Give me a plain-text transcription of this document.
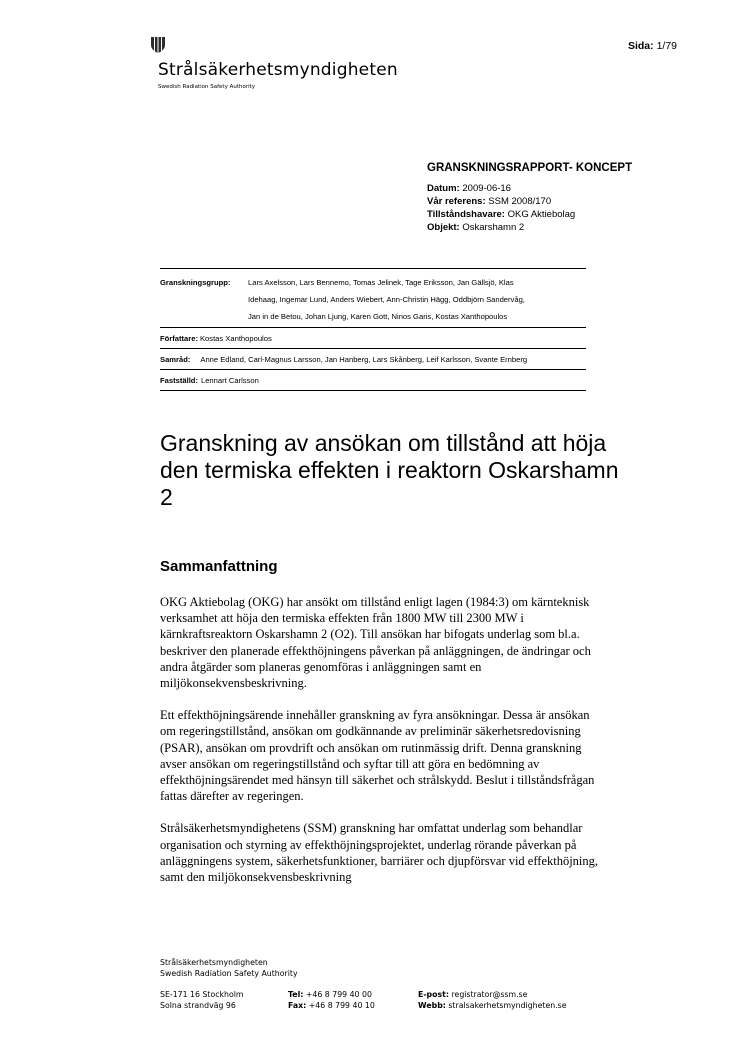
Strålsäkerhetsmyndigheten
Swedish Radiation Safety Authority
Sida: 1/79
GRANSKNINGSRAPPORT- KONCEPT
Datum: 2009-06-16
Vår referens: SSM 2008/170
Tillståndshavare: OKG Aktiebolag
Objekt: Oskarshamn 2
Granskningsgrupp:	Lars Axelsson, Lars Bennemo, Tomas Jelinek, Tage Eriksson, Jan Gällsjö, Klas
Idehaag, Ingemar Lund, Anders Wiebert, Ann-Christin Hägg, Oddbjörn Sandervåg,
Jan in de Betou, Johan Ljung, Karen Gott, Ninos Garis, Kostas Xanthopoulos
Författare: Kostas Xanthopoulos
Samråd: Anne Edland, Carl-Magnus Larsson, Jan Hanberg, Lars Skånberg, Leif Karlsson, Svante Ernberg
Fastställd: Lennart Carlsson
Granskning av ansökan om tillstånd att höja den termiska effekten i reaktorn Oskarshamn 2
Sammanfattning

OKG Aktiebolag (OKG) har ansökt om tillstånd enligt lagen (1984:3) om kärnteknisk verksamhet att höja den termiska effekten från 1800 MW till 2300 MW i kärnkraftsreaktorn Oskarshamn 2 (O2). Till ansökan har bifogats underlag som bl.a. beskriver den planerade effekthöjningens påverkan på anläggningen, de ändringar och andra åtgärder som planeras genomföras i anläggningen samt en miljökonsekvensbeskrivning.

Ett effekthöjningsärende innehåller granskning av fyra ansökningar. Dessa är ansökan om regeringstillstånd, ansökan om godkännande av preliminär säkerhetsredovisning (PSAR), ansökan om provdrift och ansökan om rutinmässig drift. Denna granskning avser ansökan om regeringstillstånd och syftar till att göra en bedömning av effekthöjningsärendet med hänsyn till säkerhet och strålskydd. Beslut i tillståndsfrågan fattas därefter av regeringen.

Strålsäkerhetsmyndighetens (SSM) granskning har omfattat underlag som behandlar organisation och styrning av effekthöjningsprojektet, underlag rörande påverkan på anläggningens system, säkerhetsfunktioner, barriärer och djupförsvar vid effekthöjning, samt den miljökonsekvensbeskrivning

Strålsäkerhetsmyndigheten
Swedish Radiation Safety Authority
SE-171 16 Stockholm
Solna strandväg 96
Tel: +46 8 799 40 00
Fax: +46 8 799 40 10
E-post: registrator@ssm.se
Webb: stralsakerhetsmyndigheten.se
